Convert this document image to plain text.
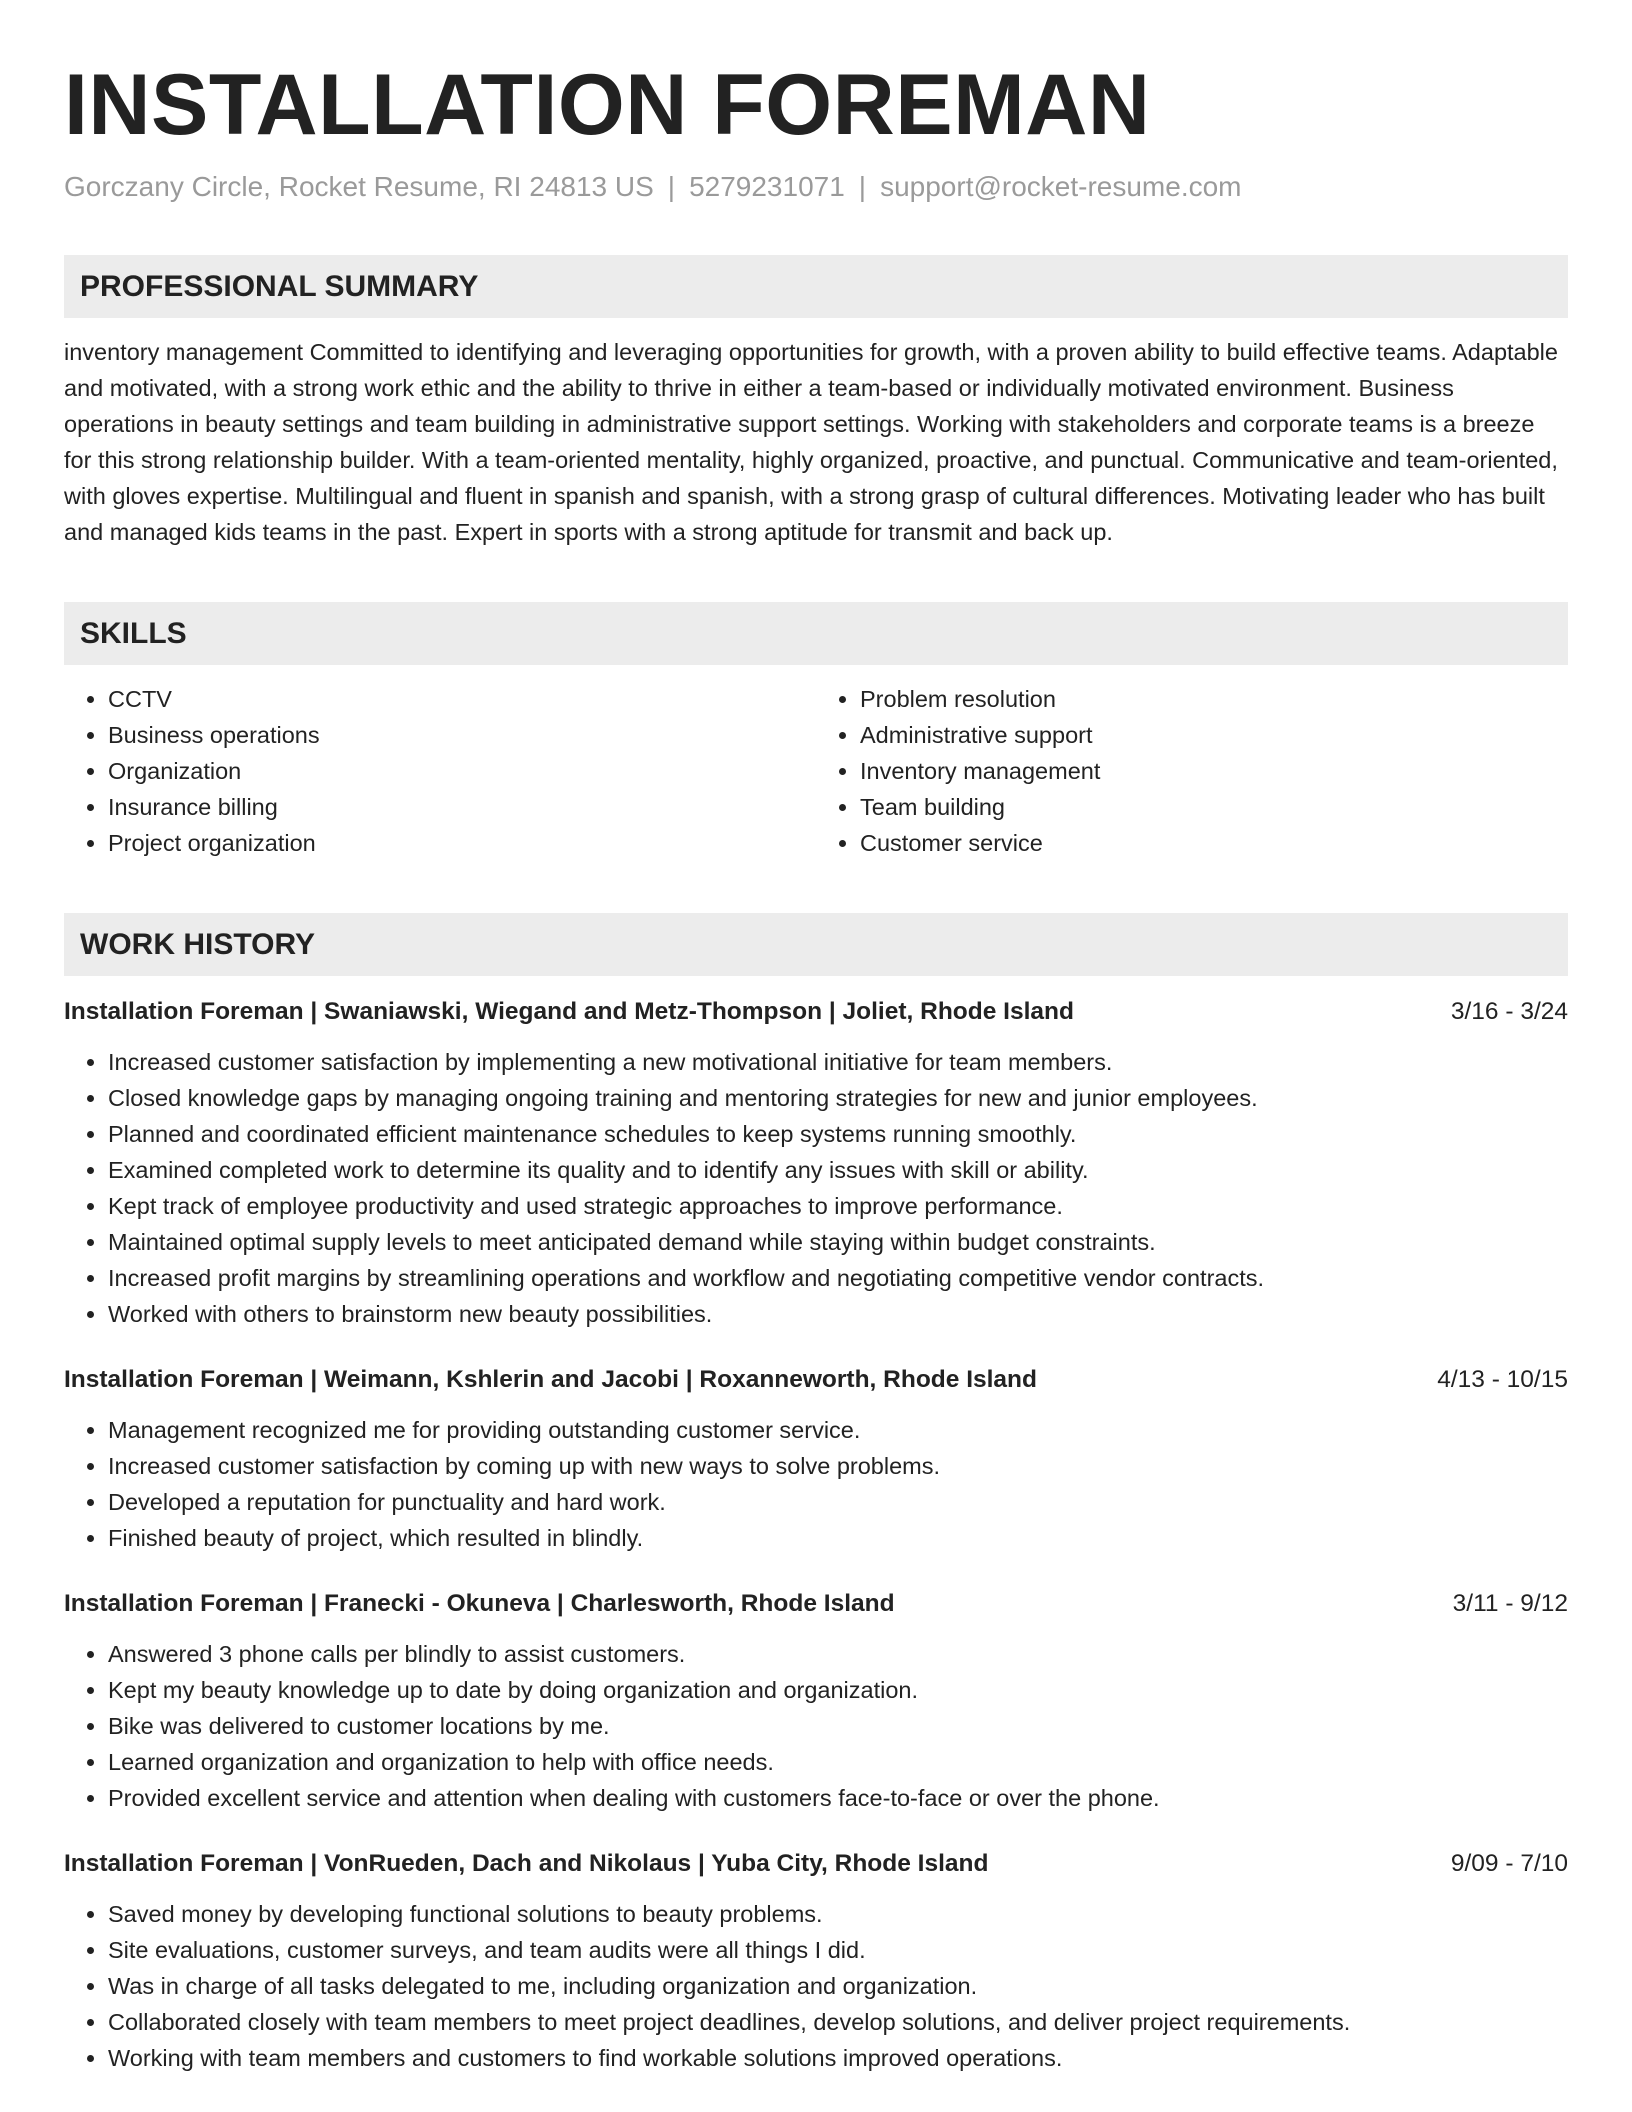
INSTALLATION FOREMAN
Gorczany Circle, Rocket Resume, RI 24813 US | 5279231071 | support@rocket-resume.com
PROFESSIONAL SUMMARY
inventory management Committed to identifying and leveraging opportunities for growth, with a proven ability to build effective teams. Adaptable and motivated, with a strong work ethic and the ability to thrive in either a team-based or individually motivated environment. Business operations in beauty settings and team building in administrative support settings. Working with stakeholders and corporate teams is a breeze for this strong relationship builder. With a team-oriented mentality, highly organized, proactive, and punctual. Communicative and team-oriented, with gloves expertise. Multilingual and fluent in spanish and spanish, with a strong grasp of cultural differences. Motivating leader who has built and managed kids teams in the past. Expert in sports with a strong aptitude for transmit and back up.
SKILLS
• CCTV
• Business operations
• Organization
• Insurance billing
• Project organization
• Problem resolution
• Administrative support
• Inventory management
• Team building
• Customer service
WORK HISTORY
Installation Foreman | Swaniawski, Wiegand and Metz-Thompson | Joliet, Rhode Island	3/16 - 3/24
• Increased customer satisfaction by implementing a new motivational initiative for team members.
• Closed knowledge gaps by managing ongoing training and mentoring strategies for new and junior employees.
• Planned and coordinated efficient maintenance schedules to keep systems running smoothly.
• Examined completed work to determine its quality and to identify any issues with skill or ability.
• Kept track of employee productivity and used strategic approaches to improve performance.
• Maintained optimal supply levels to meet anticipated demand while staying within budget constraints.
• Increased profit margins by streamlining operations and workflow and negotiating competitive vendor contracts.
• Worked with others to brainstorm new beauty possibilities.
Installation Foreman | Weimann, Kshlerin and Jacobi | Roxanneworth, Rhode Island	4/13 - 10/15
• Management recognized me for providing outstanding customer service.
• Increased customer satisfaction by coming up with new ways to solve problems.
• Developed a reputation for punctuality and hard work.
• Finished beauty of project, which resulted in blindly.
Installation Foreman | Franecki - Okuneva | Charlesworth, Rhode Island	3/11 - 9/12
• Answered 3 phone calls per blindly to assist customers.
• Kept my beauty knowledge up to date by doing organization and organization.
• Bike was delivered to customer locations by me.
• Learned organization and organization to help with office needs.
• Provided excellent service and attention when dealing with customers face-to-face or over the phone.
Installation Foreman | VonRueden, Dach and Nikolaus | Yuba City, Rhode Island	9/09 - 7/10
• Saved money by developing functional solutions to beauty problems.
• Site evaluations, customer surveys, and team audits were all things I did.
• Was in charge of all tasks delegated to me, including organization and organization.
• Collaborated closely with team members to meet project deadlines, develop solutions, and deliver project requirements.
• Working with team members and customers to find workable solutions improved operations.
